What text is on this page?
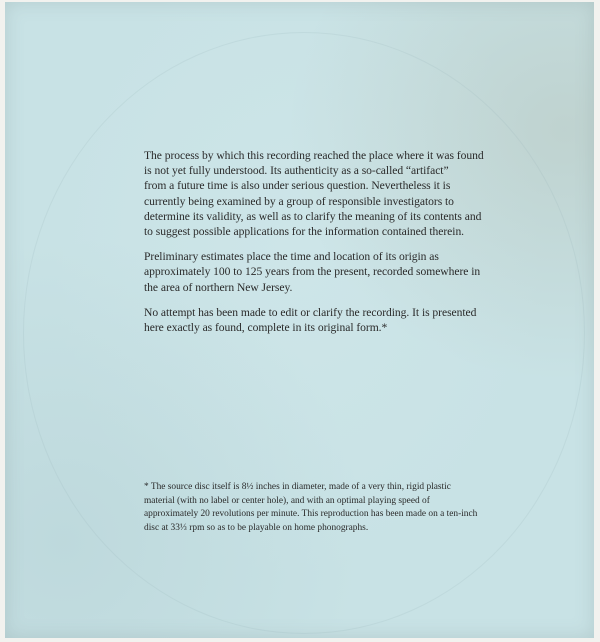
The process by which this recording reached the place where it was found
is not yet fully understood. Its authenticity as a so-called “artifact”
from a future time is also under serious question. Nevertheless it is
currently being examined by a group of responsible investigators to
determine its validity, as well as to clarify the meaning of its contents and
to suggest possible applications for the information contained therein.

Preliminary estimates place the time and location of its origin as
approximately 100 to 125 years from the present, recorded somewhere in
the area of northern New Jersey.

No attempt has been made to edit or clarify the recording. It is presented
here exactly as found, complete in its original form.*

* The source disc itself is 8½ inches in diameter, made of a very thin, rigid plastic
material (with no label or center hole), and with an optimal playing speed of
approximately 20 revolutions per minute. This reproduction has been made on a ten-inch
disc at 33⅓ rpm so as to be playable on home phonographs.
